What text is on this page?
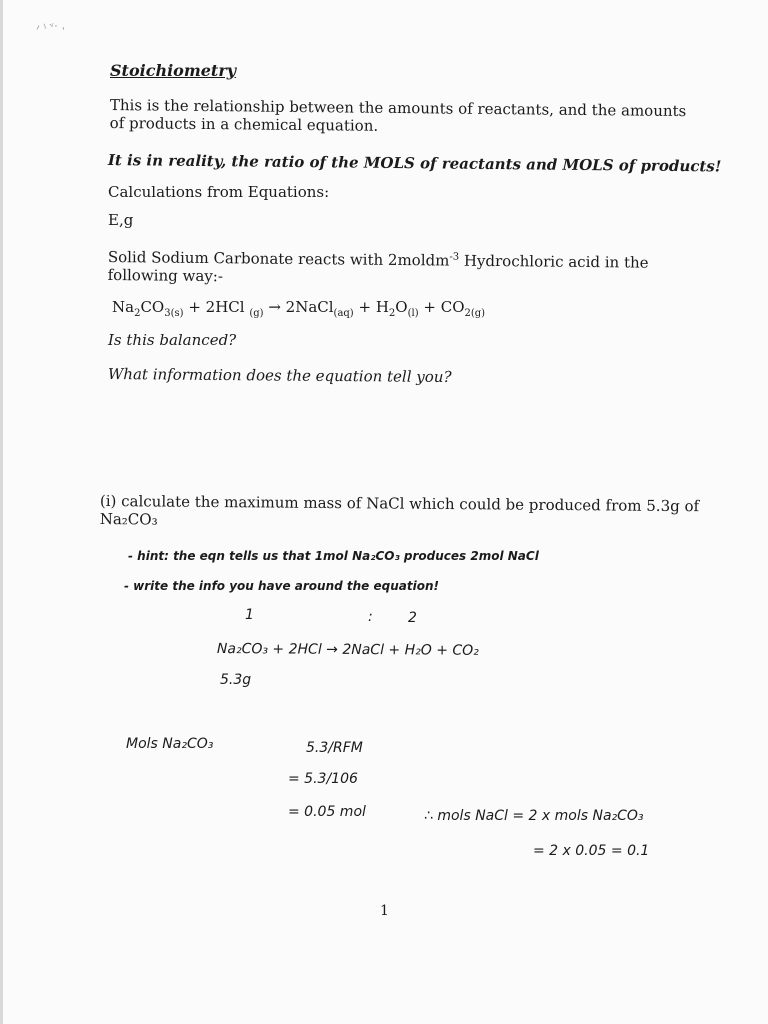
ᐟ ˡ ᵛ· ˌ
Stoichiometry
This is the relationship between the amounts of reactants, and the amounts of products in a chemical equation.
It is in reality, the ratio of the MOLS of reactants and MOLS of products!
Calculations from Equations:
E,g
Solid Sodium Carbonate reacts with 2moldm$^{-3}$ Hydrochloric acid in the following way:-
$Na_2CO_{3(s)} + 2HCl$ $_{(g)}$ → 2NaCl$_{(aq)}$ + $H_2O_{(l)} + CO_{2(g)}$
Is this balanced?
What information does the equation tell you?
(i) calculate the maximum mass of NaCl which could be produced from 5.3g of Na₂CO₃
- hint: the eqn tells us that 1mol Na₂CO₃ produces 2mol NaCl
- write the info you have around the equation!
1	:	2
Na₂CO₃ + 2HCl → 2NaCl + H₂O + CO₂
5.3g
Mols Na₂CO₃	5.3/RFM
= 5.3/106
= 0.05 mol	∴ mols NaCl = 2 x mols Na₂CO₃
= 2 x 0.05 = 0.1
1
